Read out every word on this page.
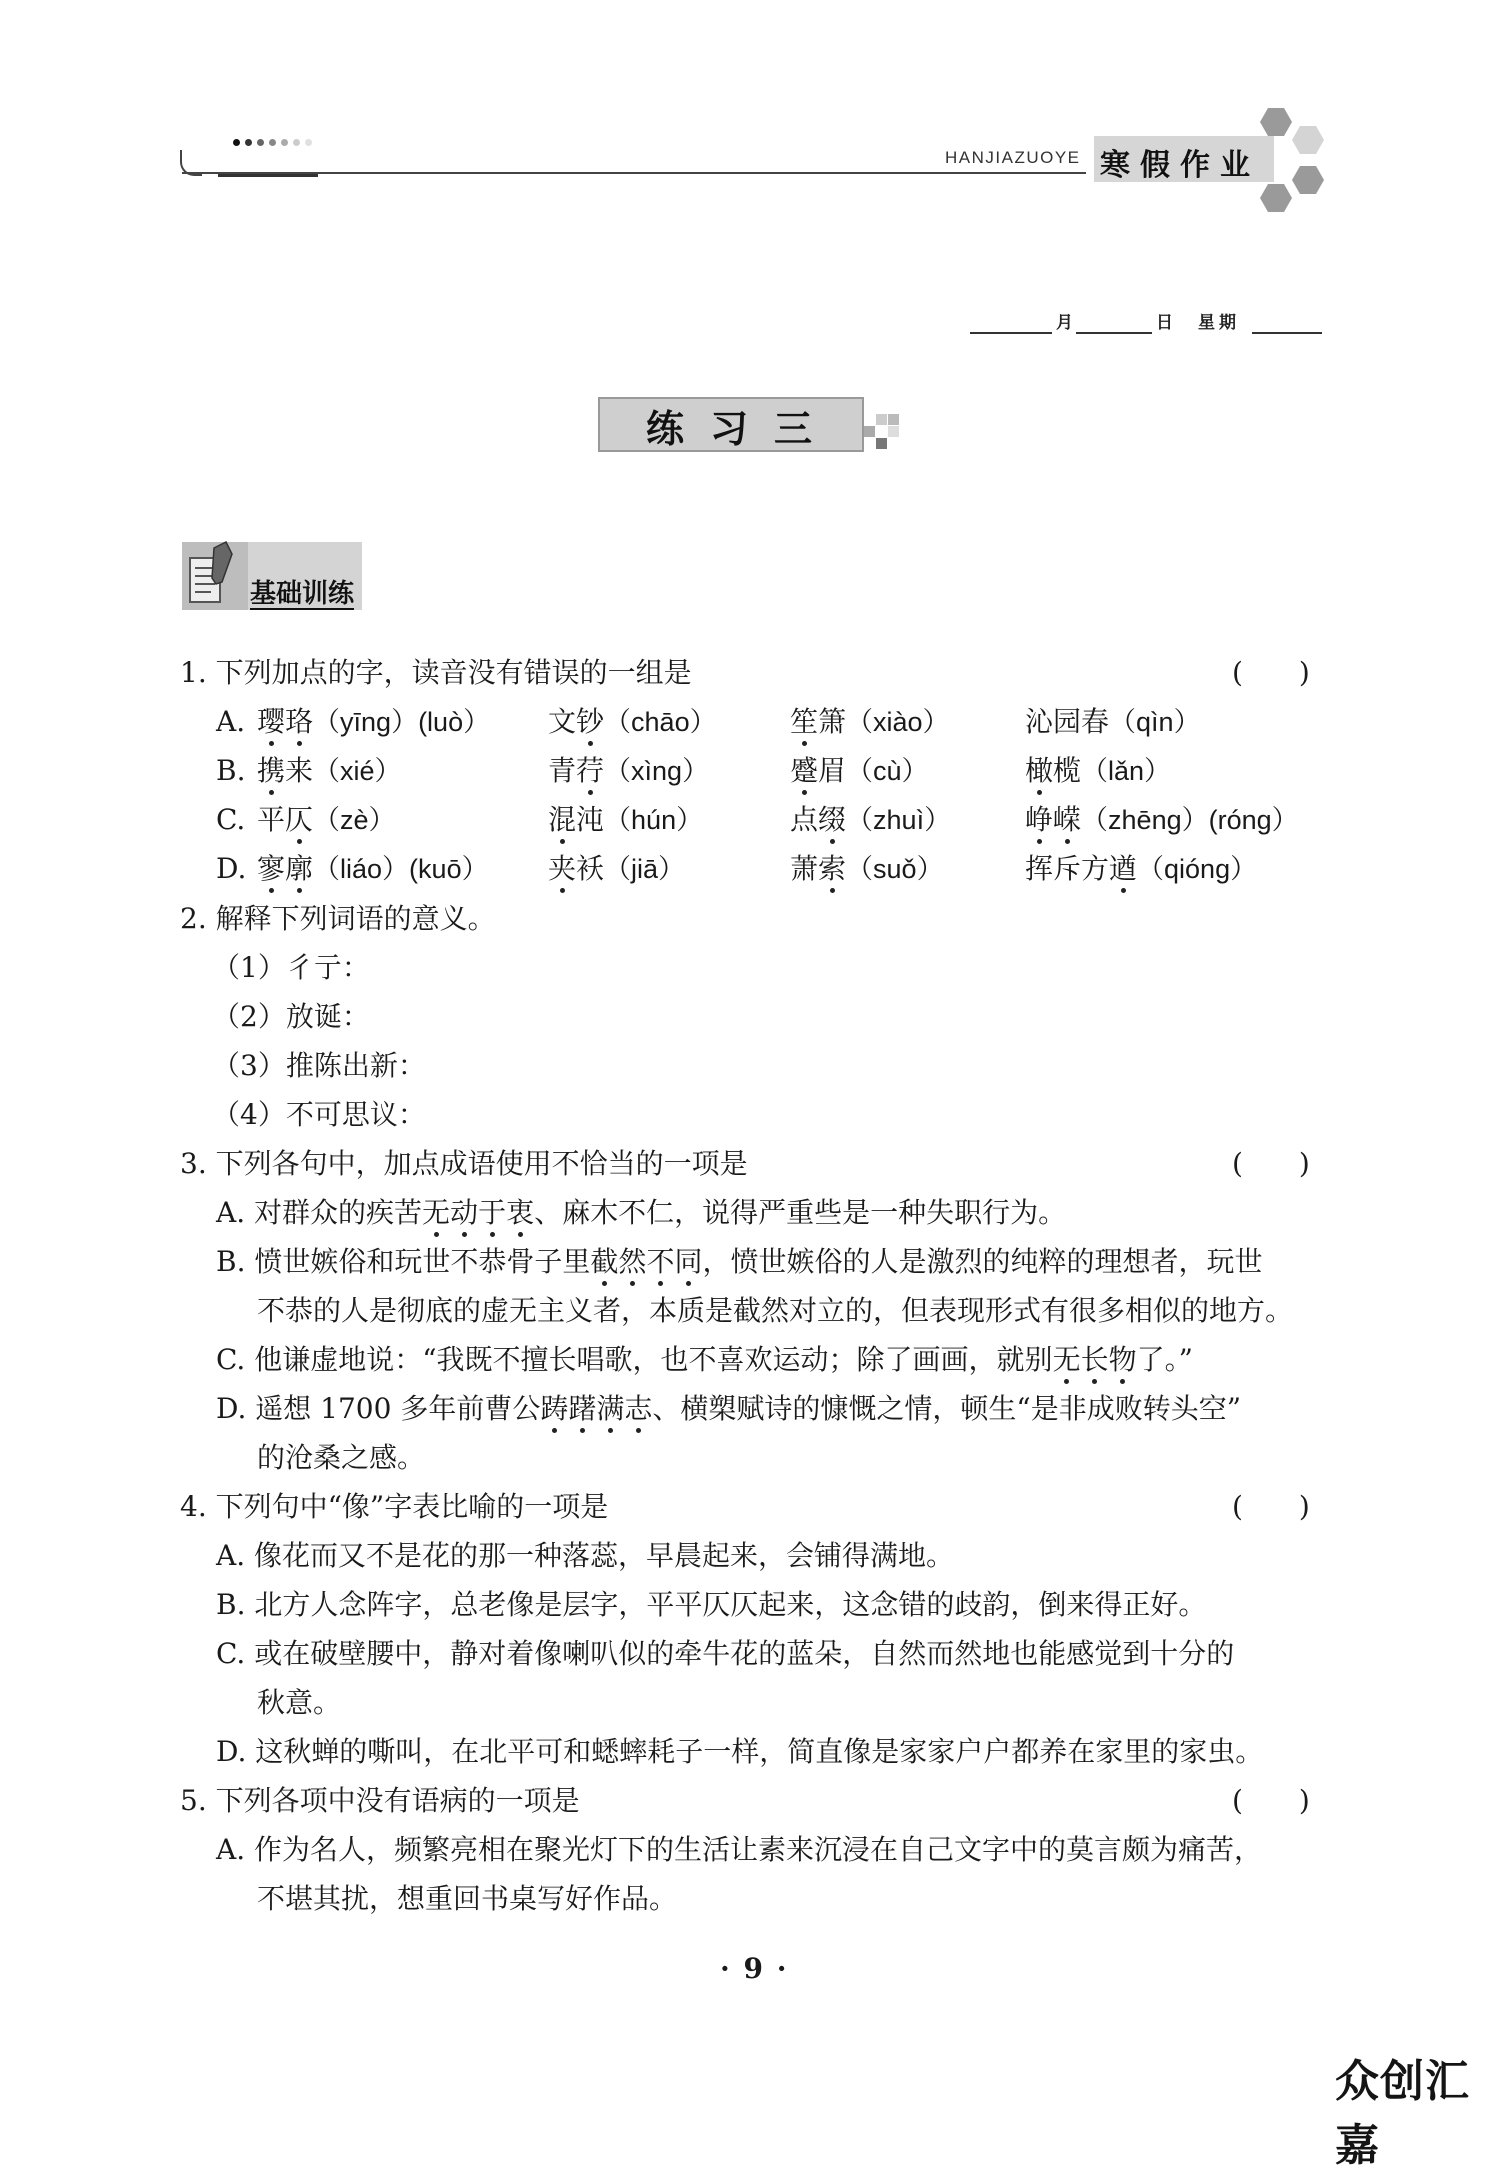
HANJIAZUOYE 寒假作业
月	日 星期
练习三
基础训练
1. 下列加点的字，读音没有错误的一组是	(　　)
A. 璎珞（yīng）(luò） 文钞（chāo）	笙箫（xiào）	沁园春（qìn）
B. 携来（xié）	青荇（xìng）	蹙眉（cù）	橄榄（lǎn）
C. 平仄（zè）	混沌（hún）	点缀（zhuì）	峥嵘（zhēng）(róng）
D. 寥廓（liáo）(kuō） 夹袄（jiā）	萧索（suǒ）	挥斥方遒（qióng）
2. 解释下列词语的意义。
（1）彳亍：
（2）放诞：
（3）推陈出新：
（4）不可思议：
3. 下列各句中，加点成语使用不恰当的一项是	(　　)
A. 对群众的疾苦无动于衷、麻木不仁，说得严重些是一种失职行为。
B. 愤世嫉俗和玩世不恭骨子里截然不同，愤世嫉俗的人是激烈的纯粹的理想者，玩世
不恭的人是彻底的虚无主义者，本质是截然对立的，但表现形式有很多相似的地方。
C. 他谦虚地说：“我既不擅长唱歌，也不喜欢运动；除了画画，就别无长物了。”
D. 遥想 1700 多年前曹公踌躇满志、横槊赋诗的慷慨之情，顿生“是非成败转头空”
的沧桑之感。
4. 下列句中“像”字表比喻的一项是	(　　)
A. 像花而又不是花的那一种落蕊，早晨起来，会铺得满地。
B. 北方人念阵字，总老像是层字，平平仄仄起来，这念错的歧韵，倒来得正好。
C. 或在破壁腰中，静对着像喇叭似的牵牛花的蓝朵，自然而然地也能感觉到十分的
秋意。
D. 这秋蝉的嘶叫，在北平可和蟋蟀耗子一样，简直像是家家户户都养在家里的家虫。
5. 下列各项中没有语病的一项是	(　　)
A. 作为名人，频繁亮相在聚光灯下的生活让素来沉浸在自己文字中的莫言颇为痛苦，
不堪其扰，想重回书桌写好作品。
· 9 ·
众创汇嘉
